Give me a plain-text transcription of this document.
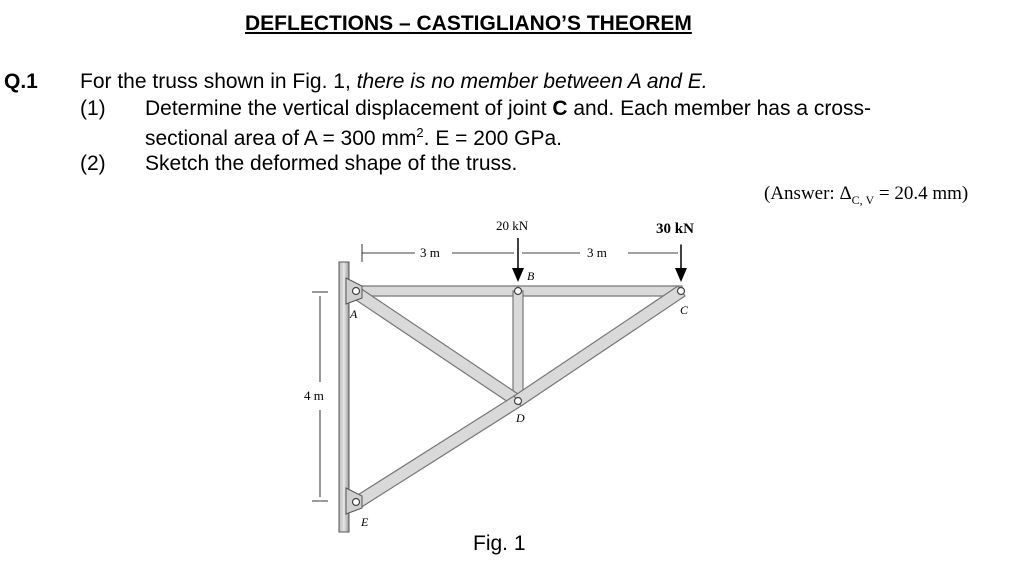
DEFLECTIONS – CASTIGLIANO’S THEOREM
Q.1 For the truss shown in Fig. 1, there is no member between A and E.
(1) Determine the vertical displacement of joint C and. Each member has a cross-
sectional area of A = 300 $mm^2$. E = 200 GPa.
(2) Sketch the deformed shape of the truss.
(Answer: $\Delta_{C, V} = 20.4$ mm)
20 kN	30 kN
3 m	3 m
4 m
A
B
C
D
E
Fig. 1
